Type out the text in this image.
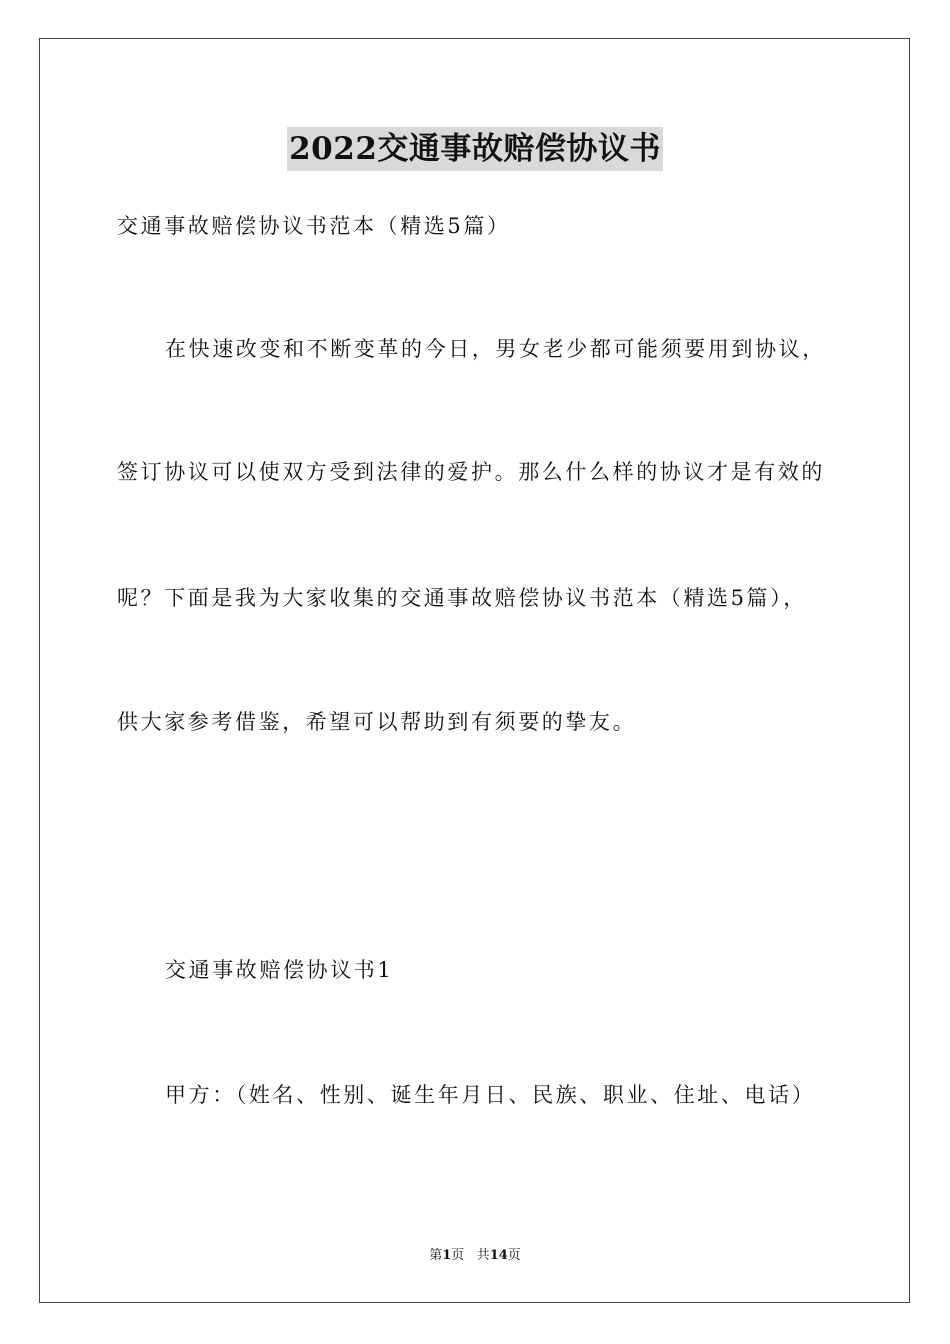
2022交通事故赔偿协议书
交通事故赔偿协议书范本（精选5篇）
在快速改变和不断变革的今日，男女老少都可能须要用到协议，
签订协议可以使双方受到法律的爱护。那么什么样的协议才是有效的
呢？下面是我为大家收集的交通事故赔偿协议书范本（精选5篇），
供大家参考借鉴，希望可以帮助到有须要的挚友。
交通事故赔偿协议书1
甲方：（姓名、性别、诞生年月日、民族、职业、住址、电话）
第1页 共14页
